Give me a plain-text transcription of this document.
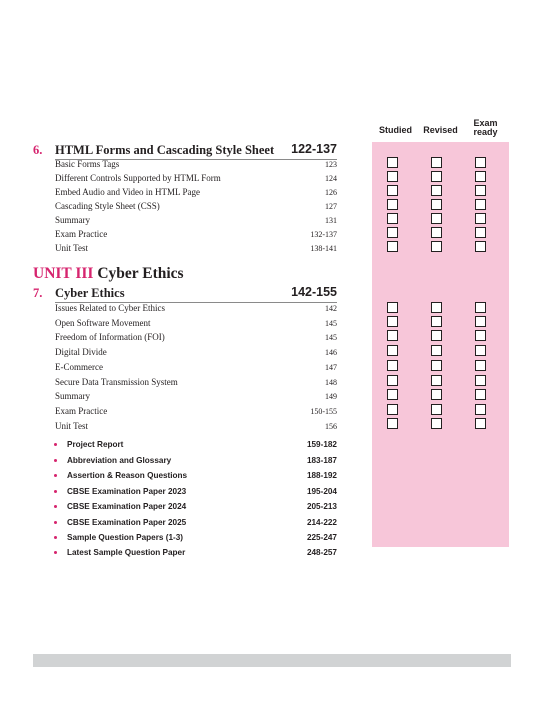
Studied	Revised
Exam
ready
6. HTML Forms and Cascading Style Sheet 122-137
Basic Forms Tags	123
Different Controls Supported by HTML Form	124
Embed Audio and Video in HTML Page	126
Cascading Style Sheet (CSS)	127
Summary	131
Exam Practice	132-137
Unit Test	138-141
UNIT III Cyber Ethics
7. Cyber Ethics	142-155
Issues Related to Cyber Ethics	142
Open Software Movement	145
Freedom of Information (FOI)	145
Digital Divide	146
E-Commerce	147
Secure Data Transmission System	148
Summary	149
Exam Practice	150-155
Unit Test	156
Project Report	159-182
Abbreviation and Glossary	183-187
Assertion & Reason Questions	188-192
CBSE Examination Paper 2023	195-204
CBSE Examination Paper 2024	205-213
CBSE Examination Paper 2025	214-222
Sample Question Papers (1-3)	225-247
Latest Sample Question Paper	248-257
